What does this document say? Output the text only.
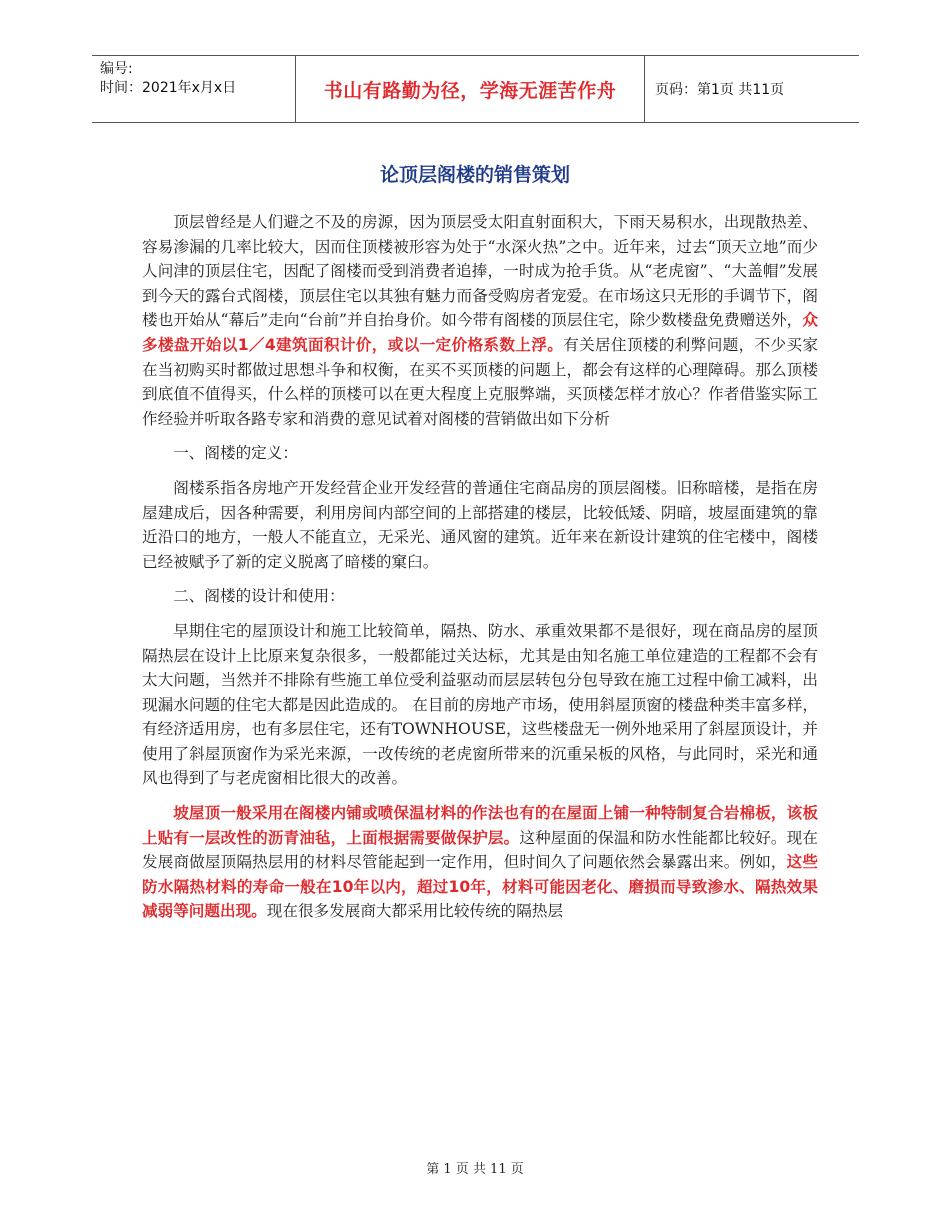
编号:
时间：2021年x月x日	书山有路勤为径，学海无涯苦作舟	页码：第1页 共11页
论顶层阁楼的销售策划

顶层曾经是人们避之不及的房源，因为顶层受太阳直射面积大，下雨天易积水，出现散热差、容易渗漏的几率比较大，因而住顶楼被形容为处于“水深火热”之中。近年来，过去“顶天立地”而少人问津的顶层住宅，因配了阁楼而受到消费者追捧，一时成为抢手货。从“老虎窗”、“大盖帽”发展到今天的露台式阁楼，顶层住宅以其独有魅力而备受购房者宠爱。在市场这只无形的手调节下，阁楼也开始从“幕后”走向“台前”并自抬身价。如今带有阁楼的顶层住宅，除少数楼盘免费赠送外，众多楼盘开始以1／4建筑面积计价，或以一定价格系数上浮。有关居住顶楼的利弊问题，不少买家在当初购买时都做过思想斗争和权衡，在买不买顶楼的问题上，都会有这样的心理障碍。那么顶楼到底值不值得买，什么样的顶楼可以在更大程度上克服弊端，买顶楼怎样才放心？作者借鉴实际工作经验并听取各路专家和消费的意见试着对阁楼的营销做出如下分析

一、阁楼的定义：

阁楼系指各房地产开发经营企业开发经营的普通住宅商品房的顶层阁楼。旧称暗楼，是指在房屋建成后，因各种需要，利用房间内部空间的上部搭建的楼层，比较低矮、阴暗，坡屋面建筑的靠近沿口的地方，一般人不能直立，无采光、通风窗的建筑。近年来在新设计建筑的住宅楼中，阁楼已经被赋予了新的定义脱离了暗楼的窠臼。

二、阁楼的设计和使用：

早期住宅的屋顶设计和施工比较简单，隔热、防水、承重效果都不是很好，现在商品房的屋顶隔热层在设计上比原来复杂很多，一般都能过关达标，尤其是由知名施工单位建造的工程都不会有太大问题，当然并不排除有些施工单位受利益驱动而层层转包分包导致在施工过程中偷工减料，出现漏水问题的住宅大都是因此造成的。 在目前的房地产市场，使用斜屋顶窗的楼盘种类丰富多样，有经济适用房，也有多层住宅，还有TOWNHOUSE，这些楼盘无一例外地采用了斜屋顶设计，并使用了斜屋顶窗作为采光来源，一改传统的老虎窗所带来的沉重呆板的风格，与此同时，采光和通风也得到了与老虎窗相比很大的改善。

坡屋顶一般采用在阁楼内铺或喷保温材料的作法也有的在屋面上铺一种特制复合岩棉板，该板上贴有一层改性的沥青油毡，上面根据需要做保护层。这种屋面的保温和防水性能都比较好。现在发展商做屋顶隔热层用的材料尽管能起到一定作用，但时间久了问题依然会暴露出来。例如，这些防水隔热材料的寿命一般在10年以内，超过10年，材料可能因老化、磨损而导致渗水、隔热效果减弱等问题出现。现在很多发展商大都采用比较传统的隔热层

第 1 页 共 11 页
